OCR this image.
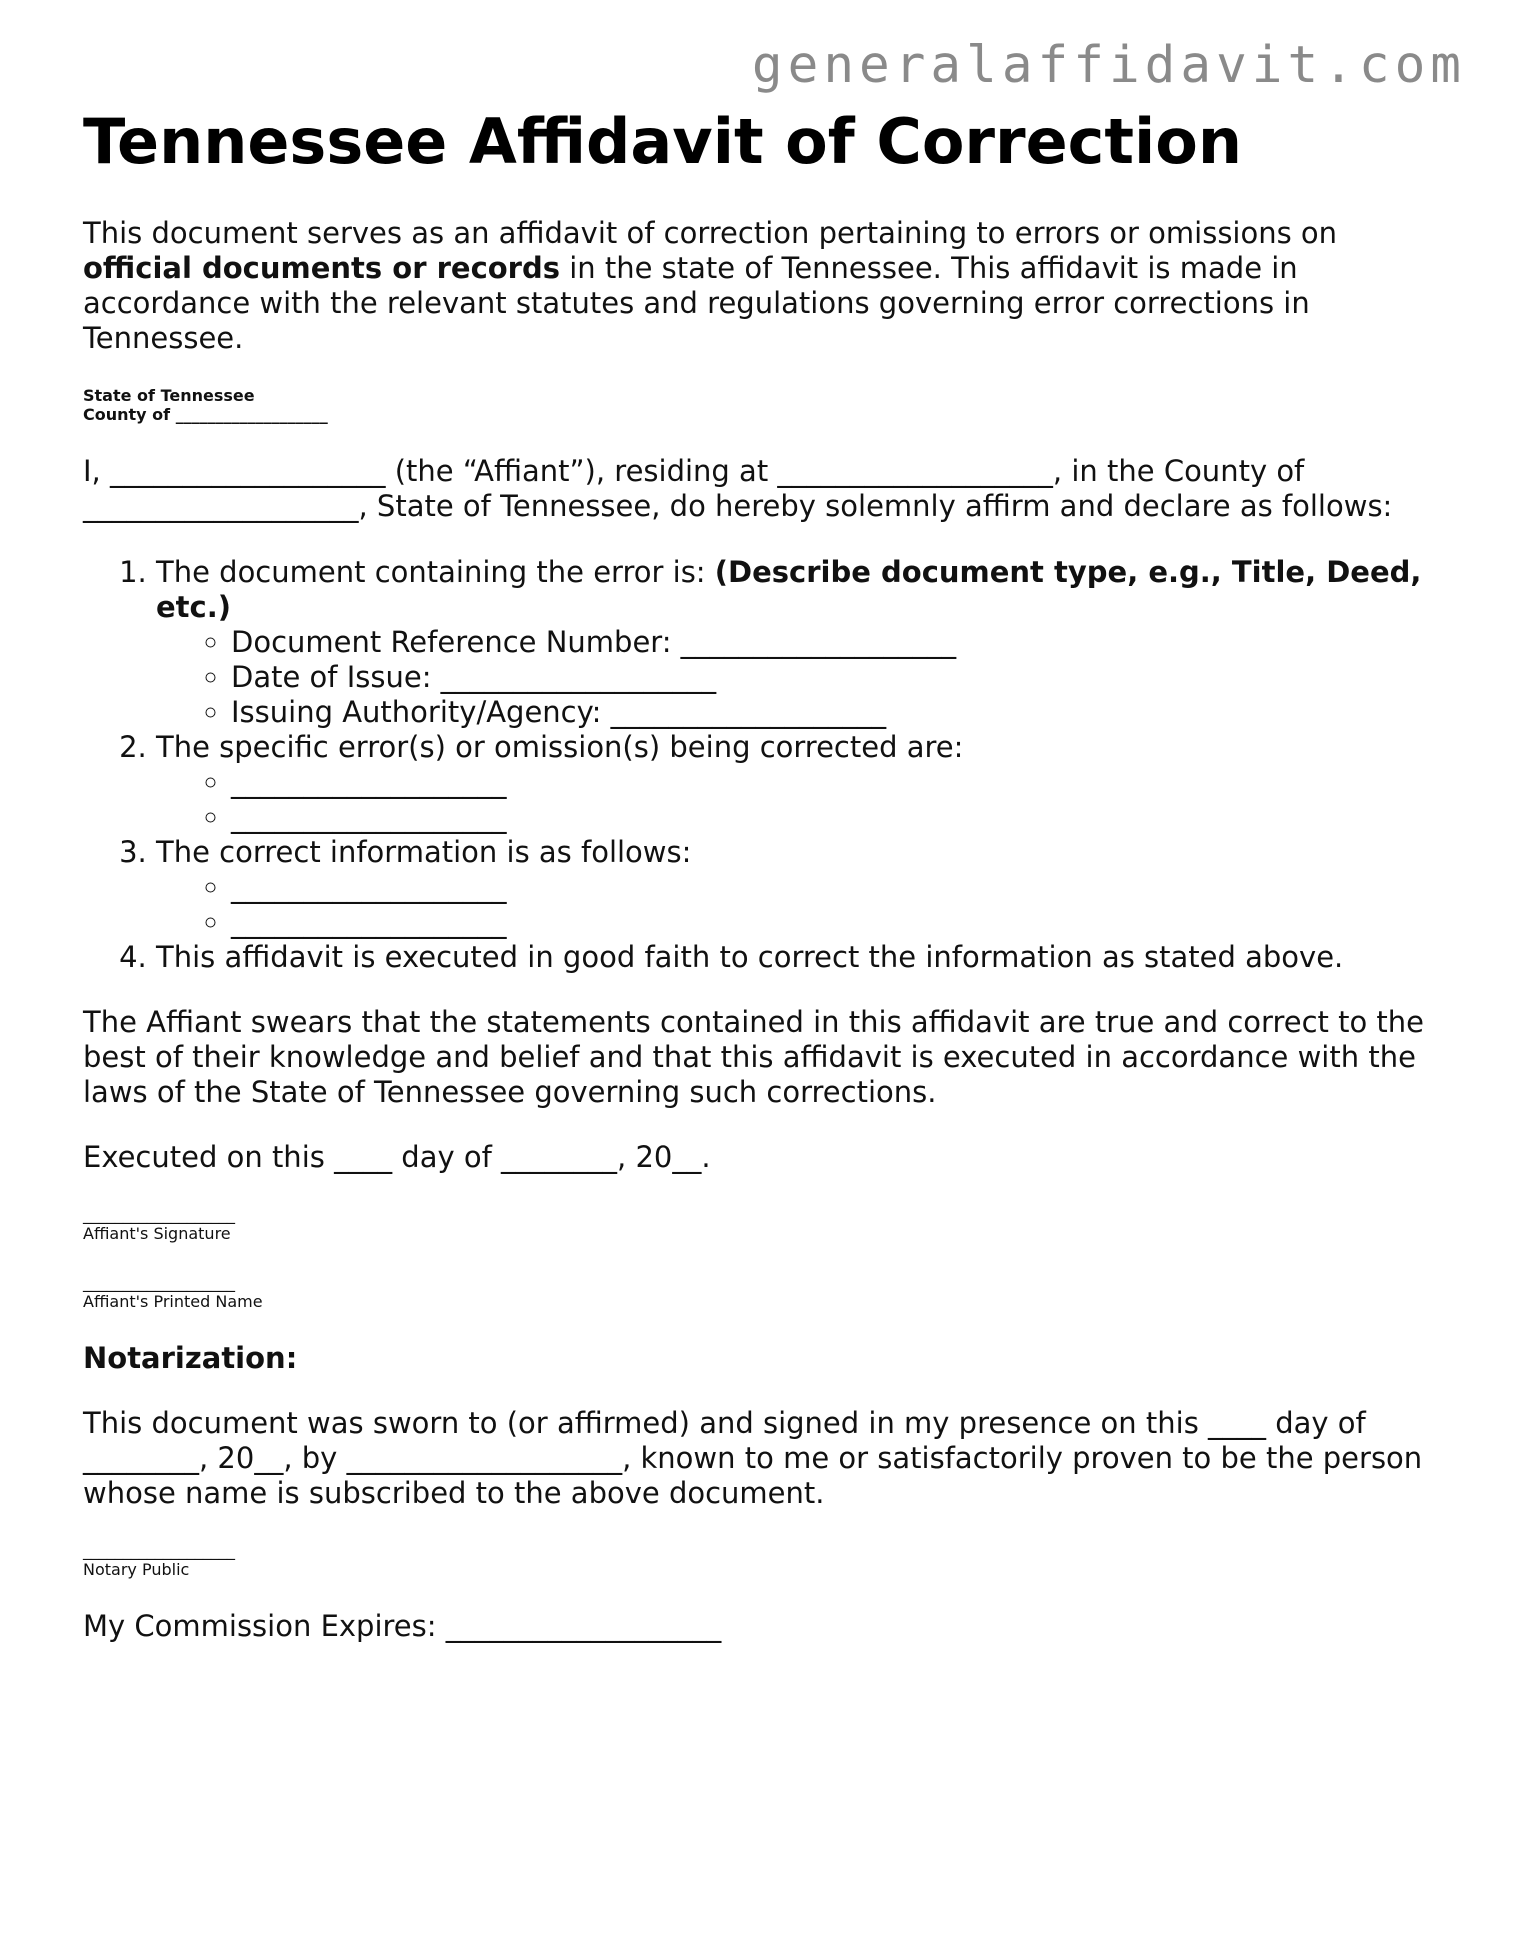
generalaffidavit.com

Tennessee Affidavit of Correction

This document serves as an affidavit of correction pertaining to errors or omissions on official documents or records in the state of Tennessee. This affidavit is made in accordance with the relevant statutes and regulations governing error corrections in Tennessee.

State of Tennessee
County of ___________________

I, ___________________ (the “Affiant”), residing at ___________________, in the County of ___________________, State of Tennessee, do hereby solemnly affirm and declare as follows:

1. The document containing the error is: (Describe document type, e.g., Title, Deed, etc.)
◦ Document Reference Number: ___________________
◦ Date of Issue: ___________________
◦ Issuing Authority/Agency: ___________________
2. The specific error(s) or omission(s) being corrected are:
◦ ___________________
◦ ___________________
3. The correct information is as follows:
◦ ___________________
◦ ___________________
4. This affidavit is executed in good faith to correct the information as stated above.

The Affiant swears that the statements contained in this affidavit are true and correct to the best of their knowledge and belief and that this affidavit is executed in accordance with the laws of the State of Tennessee governing such corrections.

Executed on this ____ day of ________, 20__.

___________________
Affiant's Signature
___________________
Affiant's Printed Name

Notarization:

This document was sworn to (or affirmed) and signed in my presence on this ____ day of ________, 20__, by ___________________, known to me or satisfactorily proven to be the person whose name is subscribed to the above document.

___________________
Notary Public

My Commission Expires: ___________________
